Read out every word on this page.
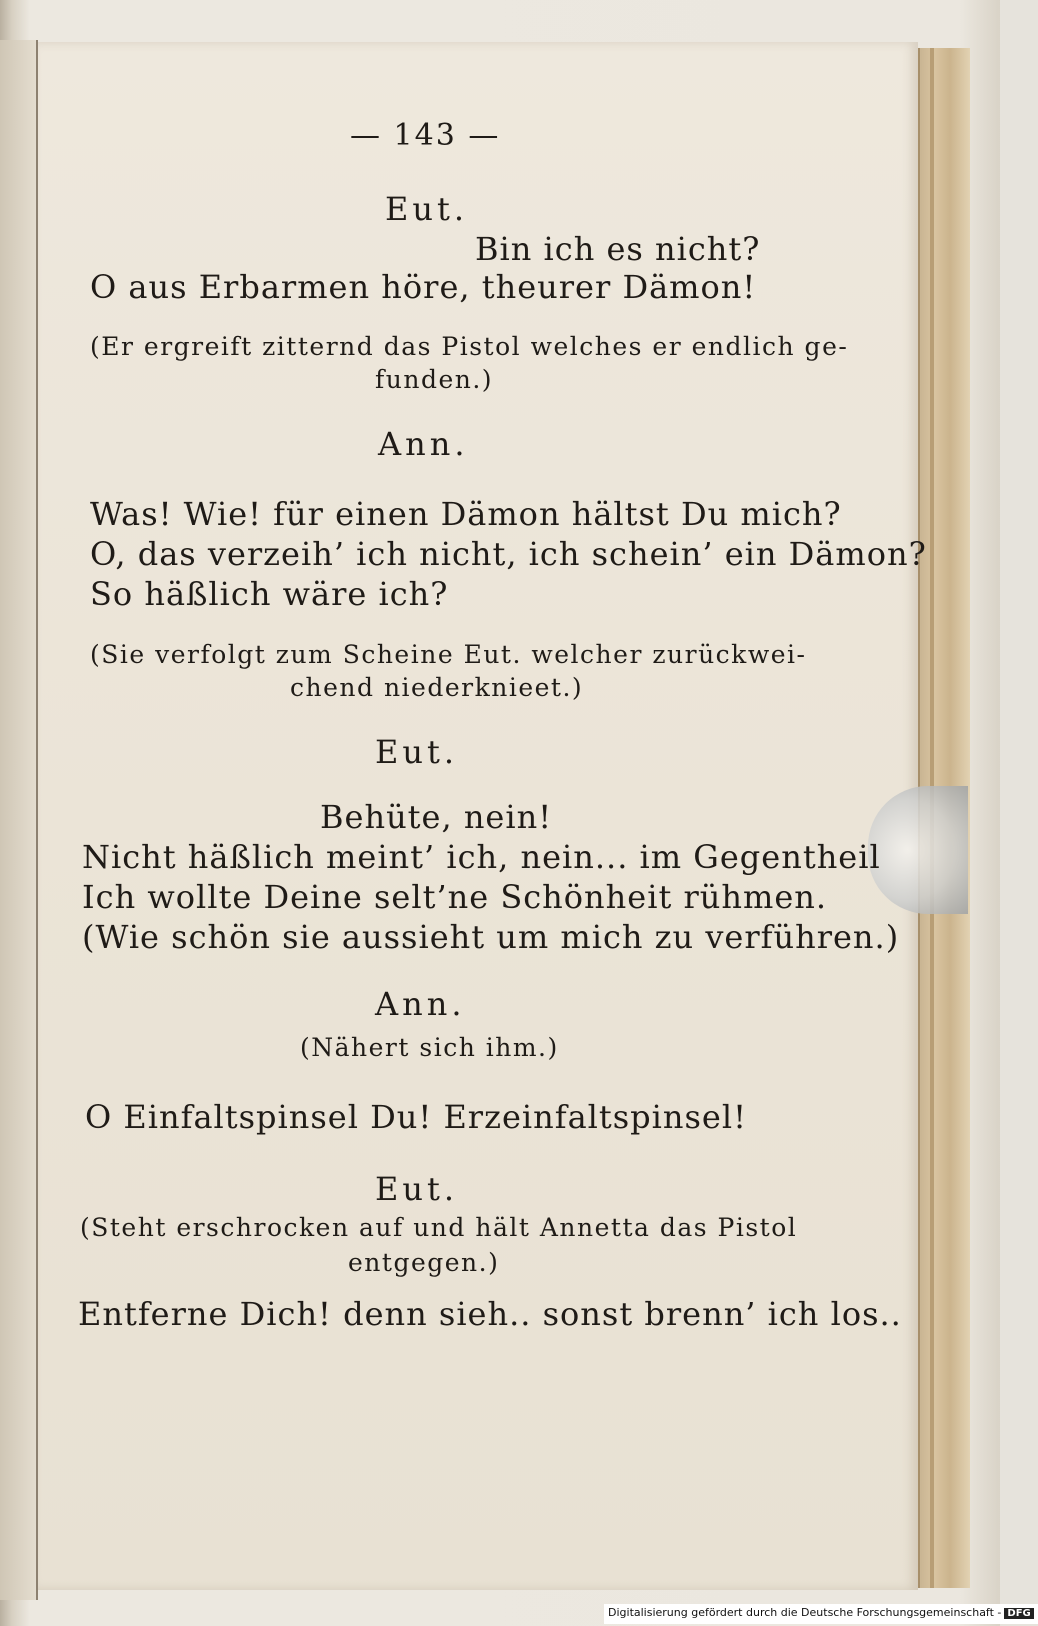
— 143 —
Eut.
Bin ich es nicht?
O aus Erbarmen höre, theurer Dämon!
(Er ergreift zitternd das Pistol welches er endlich ge-
funden.)
Ann.
Was! Wie! für einen Dämon hältst Du mich?
O, das verzeih’ ich nicht, ich schein’ ein Dämon?
So häßlich wäre ich?
(Sie verfolgt zum Scheine Eut. welcher zurückwei-
chend niederknieet.)
Eut.
Behüte, nein!
Nicht häßlich meint’ ich, nein... im Gegentheil
Ich wollte Deine selt’ne Schönheit rühmen.
(Wie schön sie aussieht um mich zu verführen.)
Ann.
(Nähert sich ihm.)
O Einfaltspinsel Du! Erzeinfaltspinsel!
Eut.
(Steht erschrocken auf und hält Annetta das Pistol
entgegen.)
Entferne Dich! denn sieh.. sonst brenn’ ich los..
Digitalisierung gefördert durch die Deutsche Forschungsgemeinschaft - DFG
